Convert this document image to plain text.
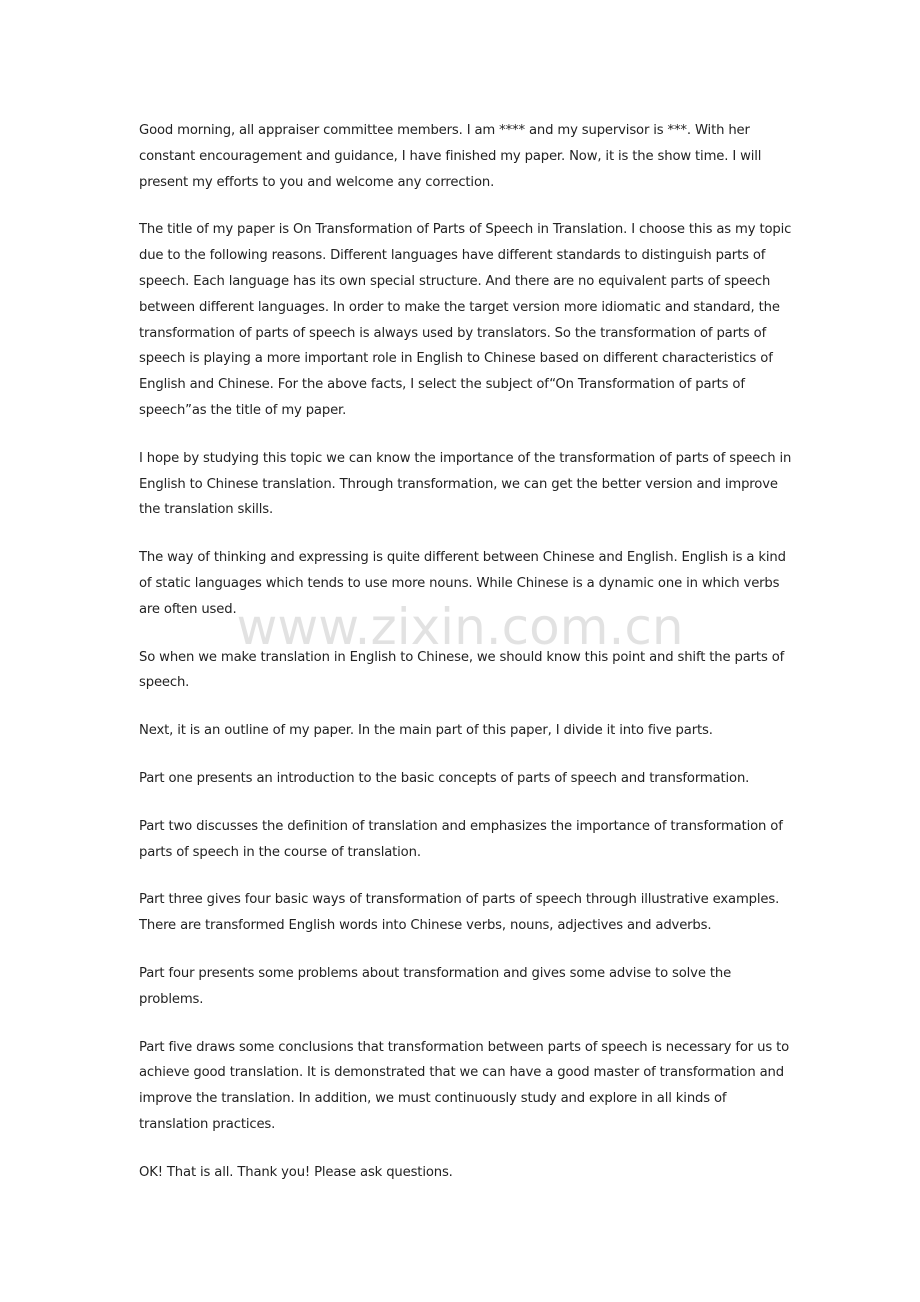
Good morning, all appraiser committee members. I am **** and my supervisor is ***. With her constant encouragement and guidance, I have finished my paper. Now, it is the show time. I will present my efforts to you and welcome any correction.

The title of my paper is On Transformation of Parts of Speech in Translation. I choose this as my topic due to the following reasons. Different languages have different standards to distinguish parts of speech. Each language has its own special structure. And there are no equivalent parts of speech between different languages. In order to make the target version more idiomatic and standard, the transformation of parts of speech is always used by translators. So the transformation of parts of speech is playing a more important role in English to Chinese based on different characteristics of English and Chinese. For the above facts, I select the subject of“On Transformation of parts of speech”as the title of my paper.

I hope by studying this topic we can know the importance of the transformation of parts of speech in English to Chinese translation. Through transformation, we can get the better version and improve the translation skills.

The way of thinking and expressing is quite different between Chinese and English. English is a kind of static languages which tends to use more nouns. While Chinese is a dynamic one in which verbs are often used.

So when we make translation in English to Chinese, we should know this point and shift the parts of speech.

Next, it is an outline of my paper. In the main part of this paper, I divide it into five parts.

Part one presents an introduction to the basic concepts of parts of speech and transformation.

Part two discusses the definition of translation and emphasizes the importance of transformation of parts of speech in the course of translation.

Part three gives four basic ways of transformation of parts of speech through illustrative examples. There are transformed English words into Chinese verbs, nouns, adjectives and adverbs.

Part four presents some problems about transformation and gives some advise to solve the problems.

Part five draws some conclusions that transformation between parts of speech is necessary for us to achieve good translation. It is demonstrated that we can have a good master of transformation and improve the translation. In addition, we must continuously study and explore in all kinds of translation practices.

OK! That is all. Thank you! Please ask questions.

www.zixin.com.cn
